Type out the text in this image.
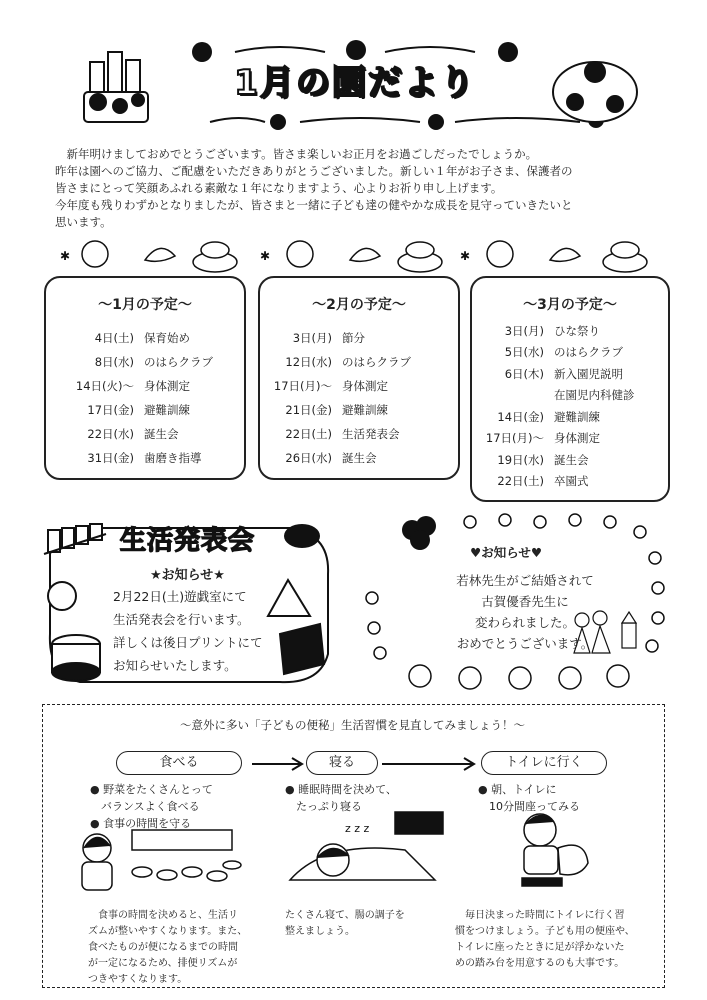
1月の園だより

　新年明けましておめでとうございます。皆さま楽しいお正月をお過ごしだったでしょうか。

昨年は園へのご協力、ご配慮をいただきありがとうございました。新しい１年がお子さま、保護者の

皆さまにとって笑顔あふれる素敵な１年になりますよう、心よりお祈り申し上げます。

今年度も残りわずかとなりましたが、皆さまと一緒に子ども達の健やかな成長を見守っていきたいと

思います。

✱	✱	✱
～1月の予定～
4日(土) 保育始め
8日(水) のはらクラブ
14日(火)～ 身体測定
17日(金) 避難訓練
22日(水) 誕生会
31日(金) 歯磨き指導
～2月の予定～
3日(月) 節分
12日(水) のはらクラブ
17日(月)～ 身体測定
21日(金) 避難訓練
22日(土) 生活発表会
26日(水) 誕生会
～3月の予定～
3日(月) ひな祭り
5日(水) のはらクラブ
6日(木) 新入園児説明
在園児内科健診
14日(金) 避難訓練
17日(月)～ 身体測定
19日(水) 誕生会
22日(土) 卒園式
生活発表会
★お知らせ★
2月22日(土)遊戯室にて
生活発表会を行います。
詳しくは後日プリントにて
お知らせいたします。
♥お知らせ♥
若林先生がご結婚されて
古賀優香先生に
変わられました。
おめでとうございます。
～意外に多い「子どもの便秘」生活習慣を見直してみましょう！～
食べる	寝る	トイレに行く
● 野菜をたくさんとって
　バランスよく食べる
● 食事の時間を守る
● 睡眠時間を決めて、
　たっぷり寝る
● 朝、トイレに
　10分間座ってみる
z z z
　食事の時間を決めると、生活リ
ズムが整いやすくなります。また、
食べたものが便になるまでの時間
が一定になるため、排便リズムが
つきやすくなります。
たくさん寝て、腸の調子を
整えましょう。
　毎日決まった時間にトイレに行く習
慣をつけましょう。子ども用の便座や、
トイレに座ったときに足が浮かないた
めの踏み台を用意するのも大事です。
